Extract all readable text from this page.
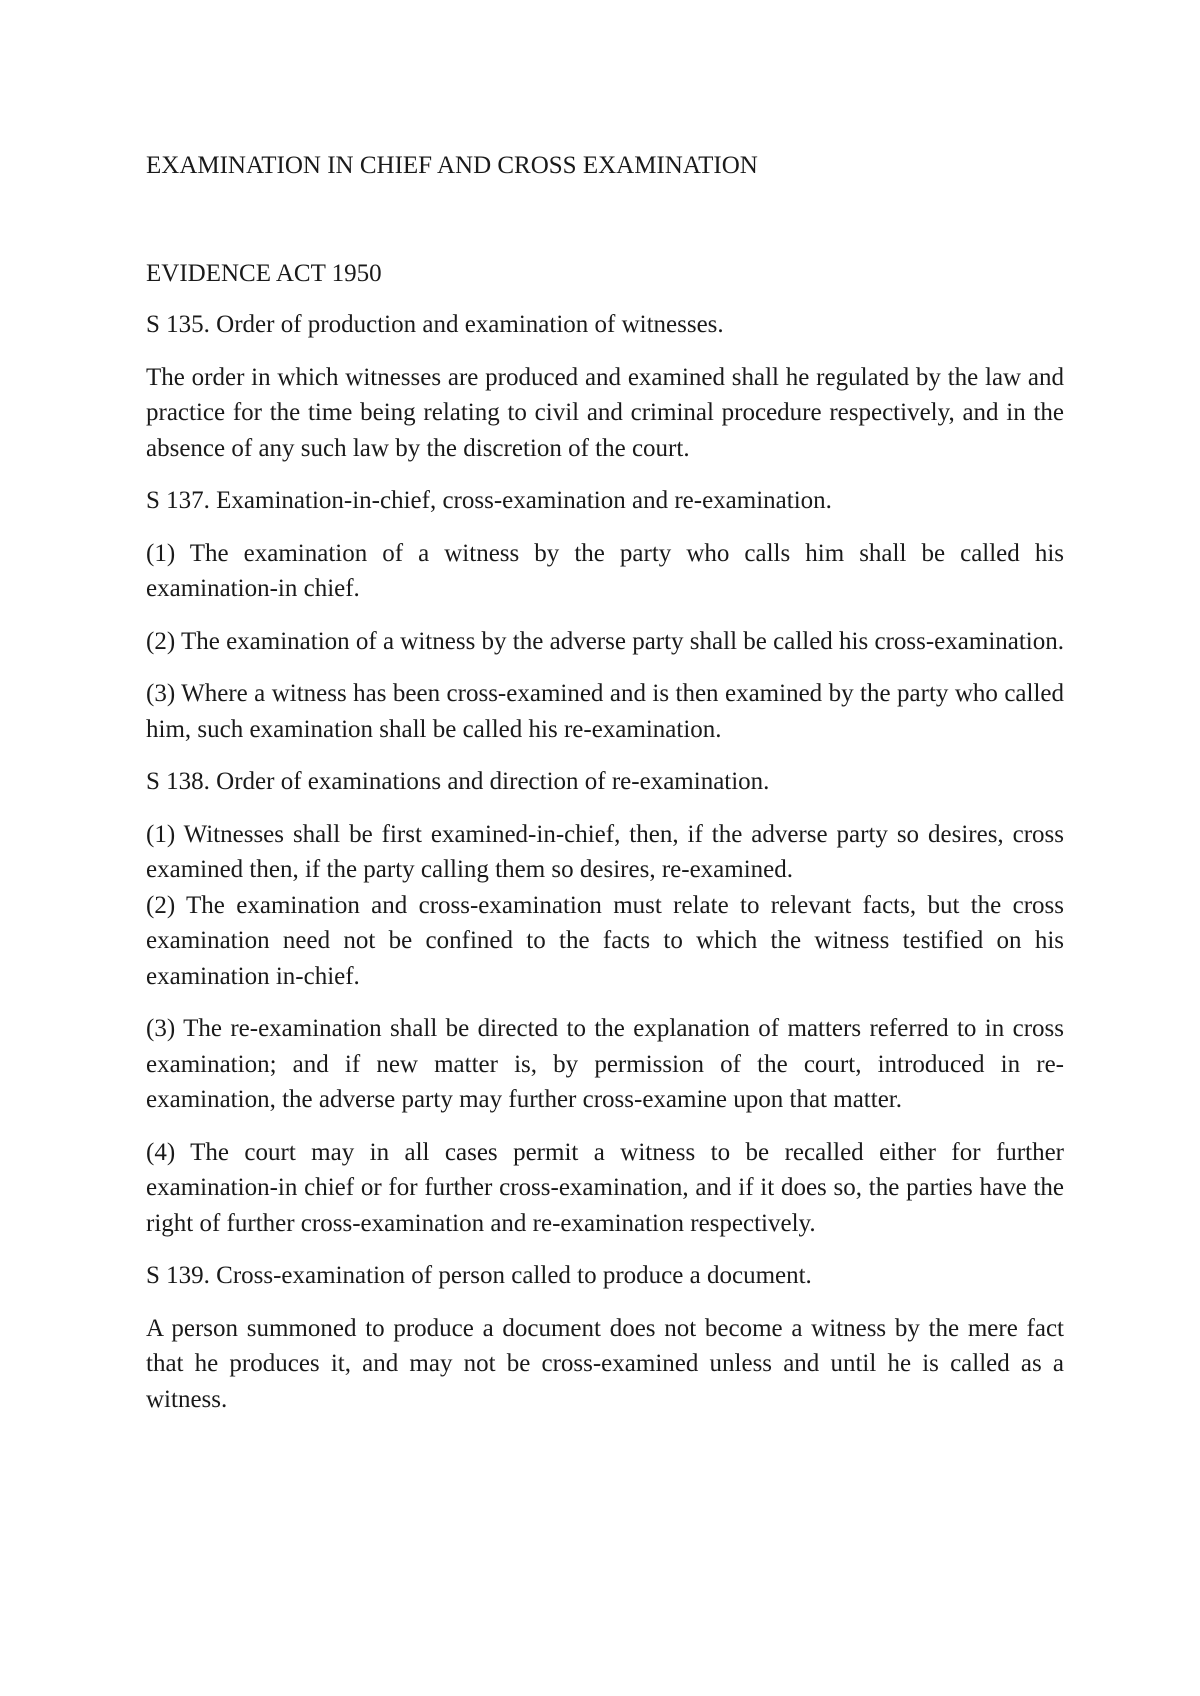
EXAMINATION IN CHIEF AND CROSS EXAMINATION

EVIDENCE ACT 1950

S 135. Order of production and examination of witnesses.

The order in which witnesses are produced and examined shall he regulated by the law and practice for the time being relating to civil and criminal procedure respectively, and in the absence of any such law by the discretion of the court.

S 137. Examination-in-chief, cross-examination and re-examination.

(1) The examination of a witness by the party who calls him shall be called his examination-in chief.

(2) The examination of a witness by the adverse party shall be called his cross-examination.

(3) Where a witness has been cross-examined and is then examined by the party who called him, such examination shall be called his re-examination.

S 138. Order of examinations and direction of re-examination.

(1) Witnesses shall be first examined-in-chief, then, if the adverse party so desires, cross examined then, if the party calling them so desires, re-examined.

(2) The examination and cross-examination must relate to relevant facts, but the cross examination need not be confined to the facts to which the witness testified on his examination in-chief.

(3) The re-examination shall be directed to the explanation of matters referred to in cross examination; and if new matter is, by permission of the court, introduced in re-examination, the adverse party may further cross-examine upon that matter.

(4) The court may in all cases permit a witness to be recalled either for further examination-in chief or for further cross-examination, and if it does so, the parties have the right of further cross-examination and re-examination respectively.

S 139. Cross-examination of person called to produce a document.

A person summoned to produce a document does not become a witness by the mere fact that he produces it, and may not be cross-examined unless and until he is called as a witness.
